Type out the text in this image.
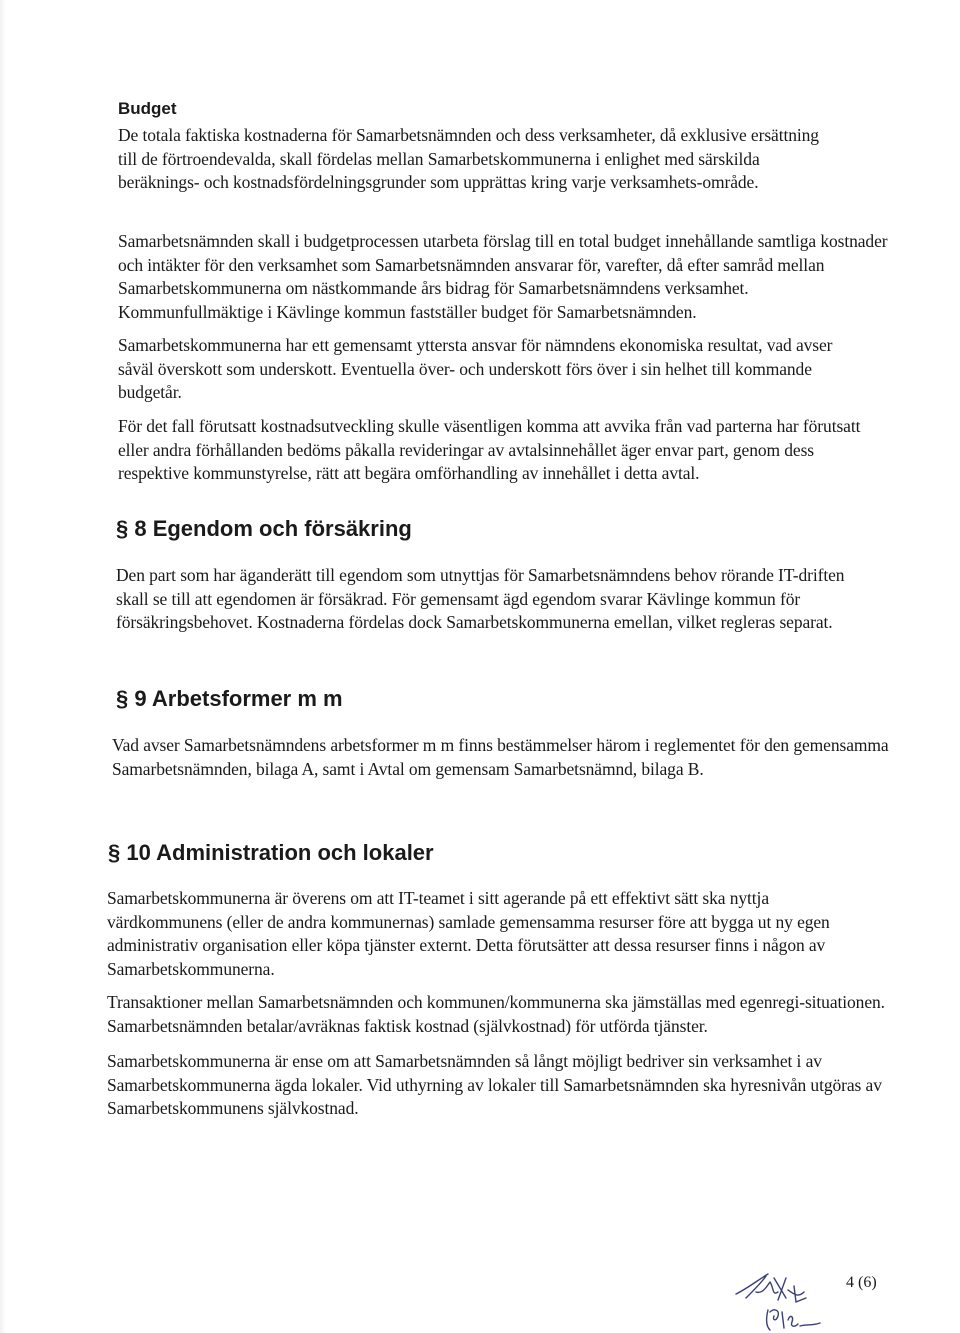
Budget

De totala faktiska kostnaderna för Samarbetsnämnden och dess verksamheter, då exklusive ersättning till de förtroendevalda, skall fördelas mellan Samarbetskommunerna i enlighet med särskilda beräknings- och kostnadsfördelningsgrunder som upprättas kring varje verksamhets-område.

Samarbetsnämnden skall i budgetprocessen utarbeta förslag till en total budget innehållande samtliga kostnader och intäkter för den verksamhet som Samarbetsnämnden ansvarar för, varefter, då efter samråd mellan Samarbetskommunerna om nästkommande års bidrag för Samarbetsnämndens verksamhet. Kommunfullmäktige i Kävlinge kommun fastställer budget för Samarbetsnämnden.

Samarbetskommunerna har ett gemensamt yttersta ansvar för nämndens ekonomiska resultat, vad avser såväl överskott som underskott. Eventuella över- och underskott förs över i sin helhet till kommande budgetår.

För det fall förutsatt kostnadsutveckling skulle väsentligen komma att avvika från vad parterna har förutsatt eller andra förhållanden bedöms påkalla revideringar av avtalsinnehållet äger envar part, genom dess respektive kommunstyrelse, rätt att begära omförhandling av innehållet i detta avtal.

§ 8 Egendom och försäkring

Den part som har äganderätt till egendom som utnyttjas för Samarbetsnämndens behov rörande IT-driften skall se till att egendomen är försäkrad. För gemensamt ägd egendom svarar Kävlinge kommun för försäkringsbehovet. Kostnaderna fördelas dock Samarbetskommunerna emellan, vilket regleras separat.

§ 9 Arbetsformer m m

Vad avser Samarbetsnämndens arbetsformer m m finns bestämmelser härom i reglementet för den gemensamma Samarbetsnämnden, bilaga A, samt i Avtal om gemensam Samarbetsnämnd, bilaga B.

§ 10 Administration och lokaler

Samarbetskommunerna är överens om att IT-teamet i sitt agerande på ett effektivt sätt ska nyttja värdkommunens (eller de andra kommunernas) samlade gemensamma resurser före att bygga ut ny egen administrativ organisation eller köpa tjänster externt. Detta förutsätter att dessa resurser finns i någon av Samarbetskommunerna.

Transaktioner mellan Samarbetsnämnden och kommunen/kommunerna ska jämställas med egenregi-situationen. Samarbetsnämnden betalar/avräknas faktisk kostnad (självkostnad) för utförda tjänster.

Samarbetskommunerna är ense om att Samarbetsnämnden så långt möjligt bedriver sin verksamhet i av Samarbetskommunerna ägda lokaler. Vid uthyrning av lokaler till Samarbetsnämnden ska hyresnivån utgöras av Samarbetskommunens självkostnad.

4 (6)
